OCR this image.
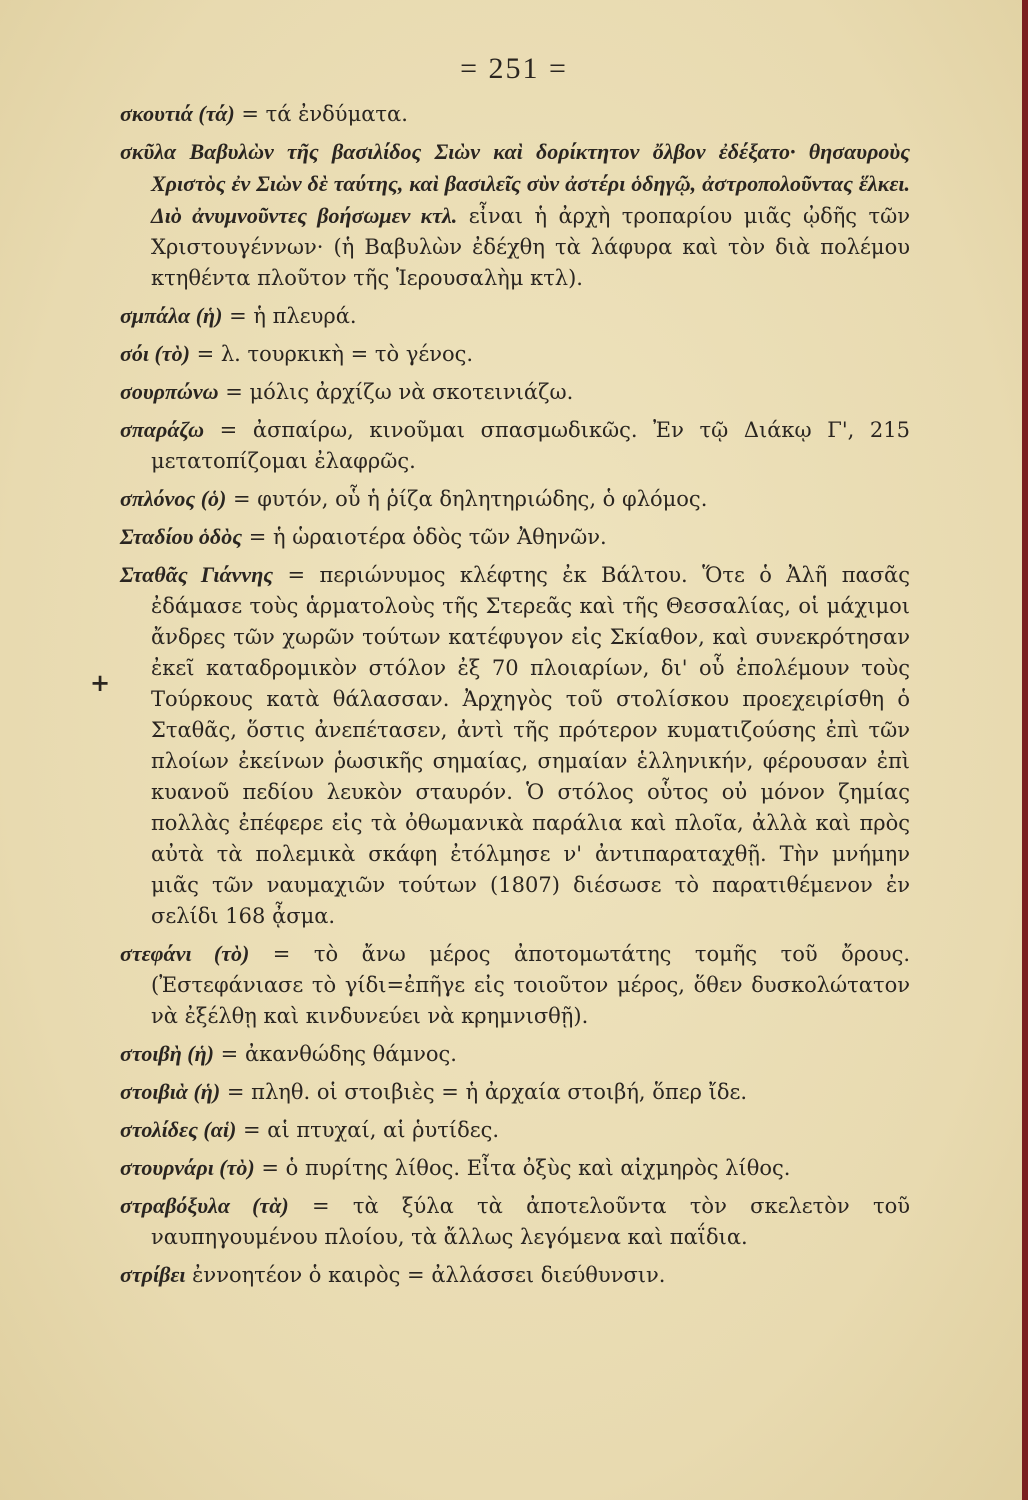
= 251 =
+

σκουτιά (τά) = τά ἐνδύματα.

σκῦλα Βαβυλὼν τῆς βασιλίδος Σιὼν καὶ δορίκτητον ὄλβον ἐδέξατο· θησαυροὺς Χριστὸς ἐν Σιὼν δὲ ταύτης, καὶ βασιλεῖς σὺν ἀστέρι ὁδηγῷ, ἀστροπολοῦντας ἕλκει. Διὸ ἀνυμνοῦντες βοήσωμεν κτλ. εἶναι ἡ ἀρχὴ τροπαρίου μιᾶς ᾠδῆς τῶν Χριστουγέννων· (ἡ Βαβυλὼν ἐδέχθη τὰ λάφυρα καὶ τὸν διὰ πολέμου κτηθέντα πλοῦτον τῆς Ἱερουσαλὴμ κτλ).

σμπάλα (ἡ) = ἡ πλευρά.

σόι (τὸ) = λ. τουρκικὴ = τὸ γένος.

σουρπώνω = μόλις ἀρχίζω νὰ σκοτεινιάζω.

σπαράζω = ἀσπαίρω, κινοῦμαι σπασμωδικῶς. Ἐν τῷ Διάκῳ Γ', 215 μετατοπίζομαι ἐλαφρῶς.

σπλόνος (ὁ) = φυτόν, οὗ ἡ ῥίζα δηλητηριώδης, ὁ φλόμος.

Σταδίου ὁδὸς = ἡ ὡραιοτέρα ὁδὸς τῶν Ἀθηνῶν.

Σταθᾶς Γιάννης = περιώνυμος κλέφτης ἐκ Βάλτου. Ὅτε ὁ Ἀλῆ πασᾶς ἐδάμασε τοὺς ἁρματολοὺς τῆς Στερεᾶς καὶ τῆς Θεσσαλίας, οἱ μάχιμοι ἄνδρες τῶν χωρῶν τούτων κατέφυγον εἰς Σκίαθον, καὶ συνεκρότησαν ἐκεῖ καταδρομικὸν στόλον ἐξ 70 πλοιαρίων, δι' οὗ ἐπολέμουν τοὺς Τούρκους κατὰ θάλασσαν. Ἀρχηγὸς τοῦ στολίσκου προεχειρίσθη ὁ Σταθᾶς, ὅστις ἀνεπέτασεν, ἀντὶ τῆς πρότερον κυματιζούσης ἐπὶ τῶν πλοίων ἐκείνων ῥωσικῆς σημαίας, σημαίαν ἑλληνικήν, φέρουσαν ἐπὶ κυανοῦ πεδίου λευκὸν σταυρόν. Ὁ στόλος οὗτος οὐ μόνον ζημίας πολλὰς ἐπέφερε εἰς τὰ ὀθωμανικὰ παράλια καὶ πλοῖα, ἀλλὰ καὶ πρὸς αὐτὰ τὰ πολεμικὰ σκάφη ἐτόλμησε ν' ἀντιπαραταχθῇ. Τὴν μνήμην μιᾶς τῶν ναυμαχιῶν τούτων (1807) διέσωσε τὸ παρατιθέμενον ἐν σελίδι 168 ᾆσμα.

στεφάνι (τὸ) = τὸ ἄνω μέρος ἀποτομωτάτης τομῆς τοῦ ὄρους. (Ἐστεφάνιασε τὸ γίδι=ἐπῆγε εἰς τοιοῦτον μέρος, ὅθεν δυσκολώτατον νὰ ἐξέλθῃ καὶ κινδυνεύει νὰ κρημνισθῇ).

στοιβὴ (ἡ) = ἀκανθώδης θάμνος.

στοιβιὰ (ἡ) = πληθ. οἱ στοιβιὲς = ἡ ἀρχαία στοιβή, ὅπερ ἴδε.

στολίδες (αἱ) = αἱ πτυχαί, αἱ ῥυτίδες.

στουρνάρι (τὸ) = ὁ πυρίτης λίθος. Εἶτα ὀξὺς καὶ αἰχμηρὸς λίθος.

στραβόξυλα (τὰ) = τὰ ξύλα τὰ ἀποτελοῦντα τὸν σκελετὸν τοῦ ναυπηγουμένου πλοίου, τὰ ἄλλως λεγόμενα καὶ παΐδια.

στρίβει ἐννοητέον ὁ καιρὸς = ἀλλάσσει διεύθυνσιν.
